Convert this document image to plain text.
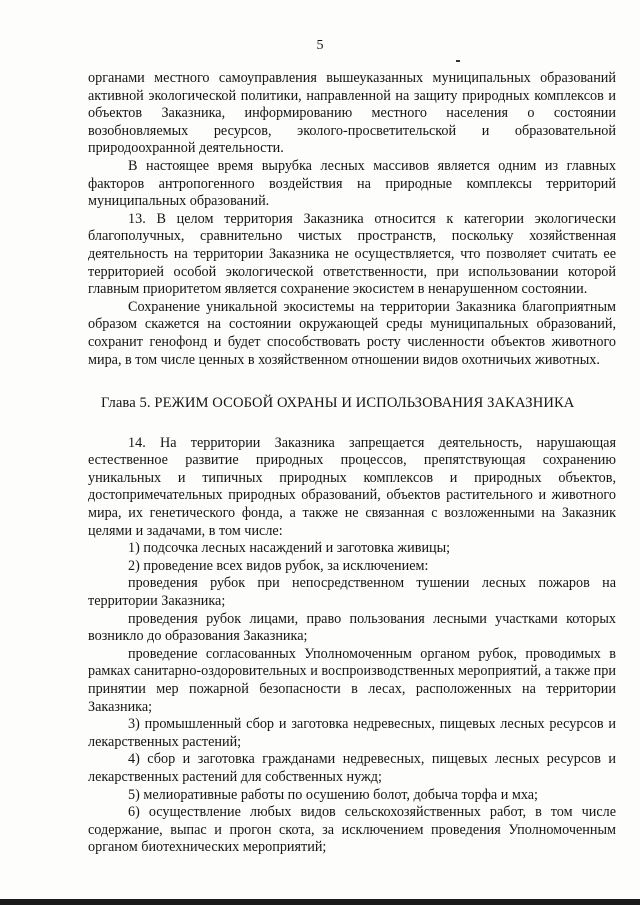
5

органами местного самоуправления вышеуказанных муниципальных образований активной экологической политики, направленной на защиту природных комплексов и объектов Заказника, информированию местного населения о состоянии возобновляемых ресурсов, эколого-просветительской и образовательной природоохранной деятельности.

В настоящее время вырубка лесных массивов является одним из главных факторов антропогенного воздействия на природные комплексы территорий муниципальных образований.

13. В целом территория Заказника относится к категории экологически благополучных, сравнительно чистых пространств, поскольку хозяйственная деятельность на территории Заказника не осуществляется, что позволяет считать ее территорией особой экологической ответственности, при использовании которой главным приоритетом является сохранение экосистем в ненарушенном состоянии.

Сохранение уникальной экосистемы на территории Заказника благоприятным образом скажется на состоянии окружающей среды муниципальных образований, сохранит генофонд и будет способствовать росту численности объектов животного мира, в том числе ценных в хозяйственном отношении видов охотничьих животных.

Глава 5. РЕЖИМ ОСОБОЙ ОХРАНЫ И ИСПОЛЬЗОВАНИЯ ЗАКАЗНИКА

14. На территории Заказника запрещается деятельность, нарушающая естественное развитие природных процессов, препятствующая сохранению уникальных и типичных природных комплексов и природных объектов, достопримечательных природных образований, объектов растительного и животного мира, их генетического фонда, а также не связанная с возложенными на Заказник целями и задачами, в том числе:

1) подсочка лесных насаждений и заготовка живицы;

2) проведение всех видов рубок, за исключением:

проведения рубок при непосредственном тушении лесных пожаров на территории Заказника;

проведения рубок лицами, право пользования лесными участками которых возникло до образования Заказника;

проведение согласованных Уполномоченным органом рубок, проводимых в рамках санитарно-оздоровительных и воспроизводственных мероприятий, а также при принятии мер пожарной безопасности в лесах, расположенных на территории Заказника;

3) промышленный сбор и заготовка недревесных, пищевых лесных ресурсов и лекарственных растений;

4) сбор и заготовка гражданами недревесных, пищевых лесных ресурсов и лекарственных растений для собственных нужд;

5) мелиоративные работы по осушению болот, добыча торфа и мха;

6) осуществление любых видов сельскохозяйственных работ, в том числе содержание, выпас и прогон скота, за исключением проведения Уполномоченным органом биотехнических мероприятий;
